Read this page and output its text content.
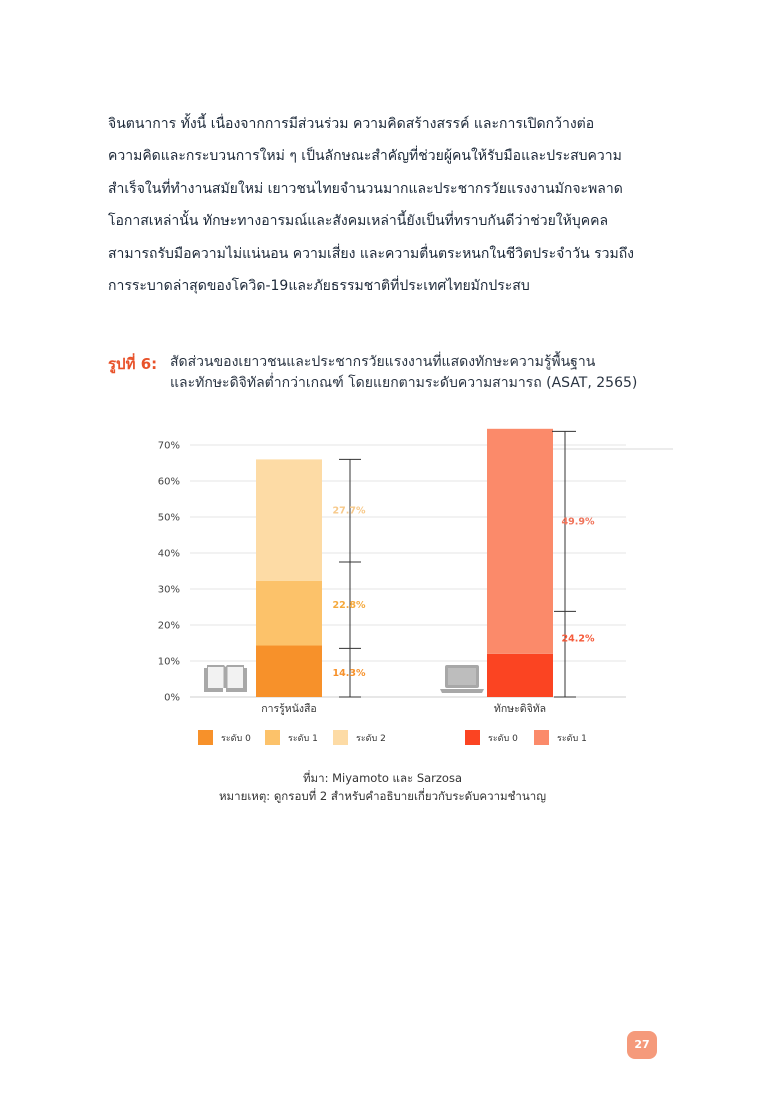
จินตนาการ ทั้งนี้ เนื่องจากการมีส่วนร่วม ความคิดสร้างสรรค์ และการเปิดกว้างต่อ
ความคิดและกระบวนการใหม่ ๆ เป็นลักษณะสำคัญที่ช่วยผู้คนให้รับมือและประสบความ
สำเร็จในที่ทำงานสมัยใหม่ เยาวชนไทยจำนวนมากและประชากรวัยแรงงานมักจะพลาด
โอกาสเหล่านั้น ทักษะทางอารมณ์และสังคมเหล่านี้ยังเป็นที่ทราบกันดีว่าช่วยให้บุคคล
สามารถรับมือความไม่แน่นอน ความเสี่ยง และความตื่นตระหนกในชีวิตประจำวัน รวมถึง
การระบาดล่าสุดของโควิด-19และภัยธรรมชาติที่ประเทศไทยมักประสบ
รูปที่ 6: สัดส่วนของเยาวชนและประชากรวัยแรงงานที่แสดงทักษะความรู้พื้นฐาน
และทักษะดิจิทัลต่ำกว่าเกณฑ์ โดยแยกตามระดับความสามารถ (ASAT, 2565)
0%
10%
20%
30%
40%
50%
60%
70%
14.3%
22.8%
27.7%
24.2%
49.9%
การรู้หนังสือ	ทักษะดิจิทัล
ระดับ 0	ระดับ 1	ระดับ 2	ระดับ 0	ระดับ 1
ที่มา: Miyamoto และ Sarzosa
หมายเหตุ: ดูกรอบที่ 2 สำหรับคำอธิบายเกี่ยวกับระดับความชำนาญ
27
